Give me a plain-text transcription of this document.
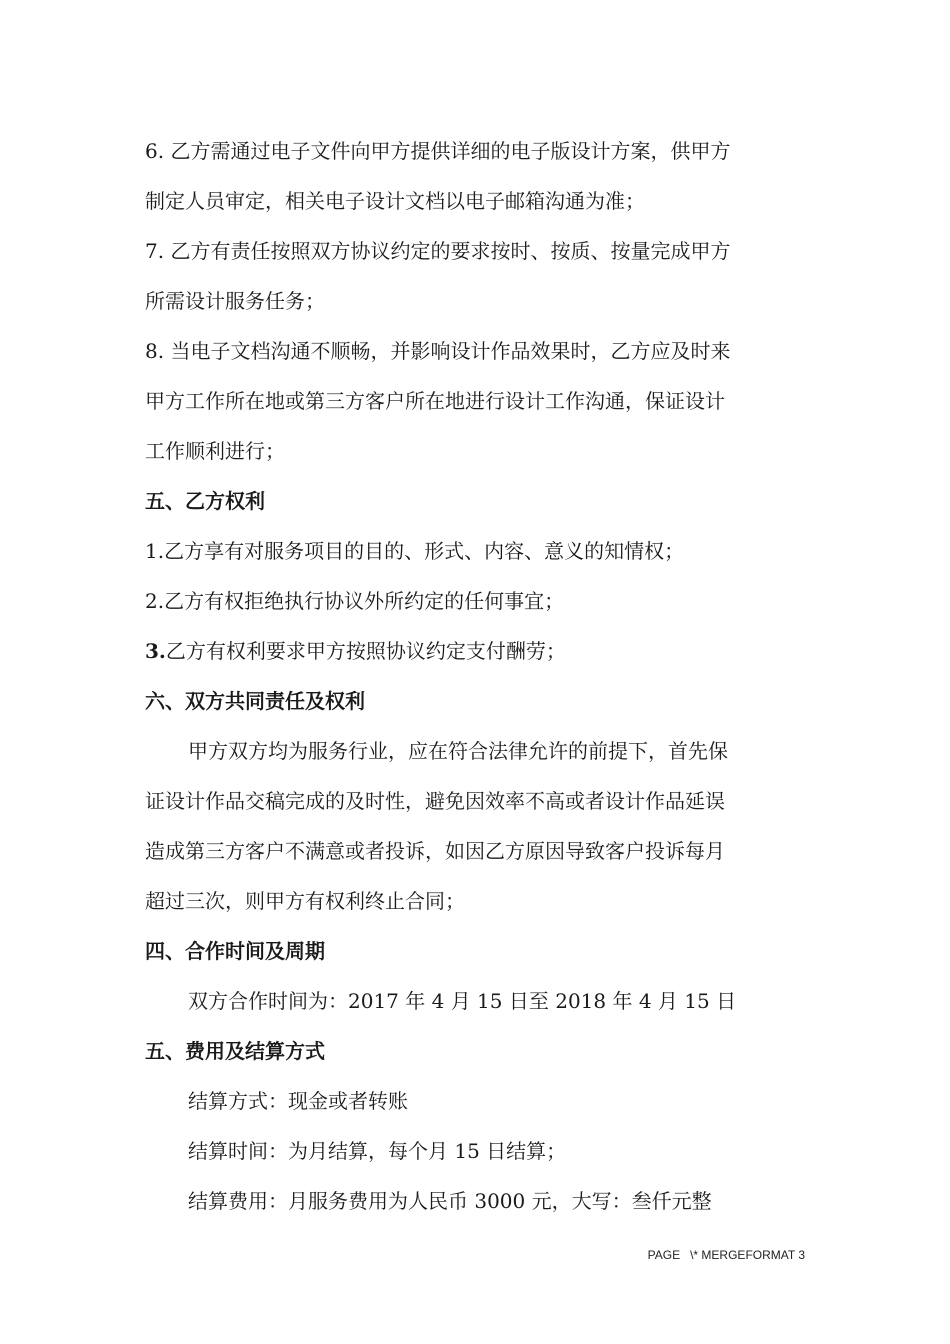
6. 乙方需通过电子文件向甲方提供详细的电子版设计方案，供甲方
制定人员审定，相关电子设计文档以电子邮箱沟通为准；
7. 乙方有责任按照双方协议约定的要求按时、按质、按量完成甲方
所需设计服务任务；
8. 当电子文档沟通不顺畅，并影响设计作品效果时，乙方应及时来
甲方工作所在地或第三方客户所在地进行设计工作沟通，保证设计
工作顺利进行；
五、乙方权利
1.乙方享有对服务项目的目的、形式、内容、意义的知情权；
2.乙方有权拒绝执行协议外所约定的任何事宜；
3.乙方有权利要求甲方按照协议约定支付酬劳；
六、双方共同责任及权利
甲方双方均为服务行业，应在符合法律允许的前提下，首先保
证设计作品交稿完成的及时性，避免因效率不高或者设计作品延误
造成第三方客户不满意或者投诉，如因乙方原因导致客户投诉每月
超过三次，则甲方有权利终止合同；
四、合作时间及周期
双方合作时间为：2017 年 4 月 15 日至 2018 年 4 月 15 日
五、费用及结算方式
结算方式：现金或者转账
结算时间：为月结算，每个月 15 日结算；
结算费用：月服务费用为人民币 3000 元，大写：叁仟元整
PAGE   \* MERGEFORMAT 3
